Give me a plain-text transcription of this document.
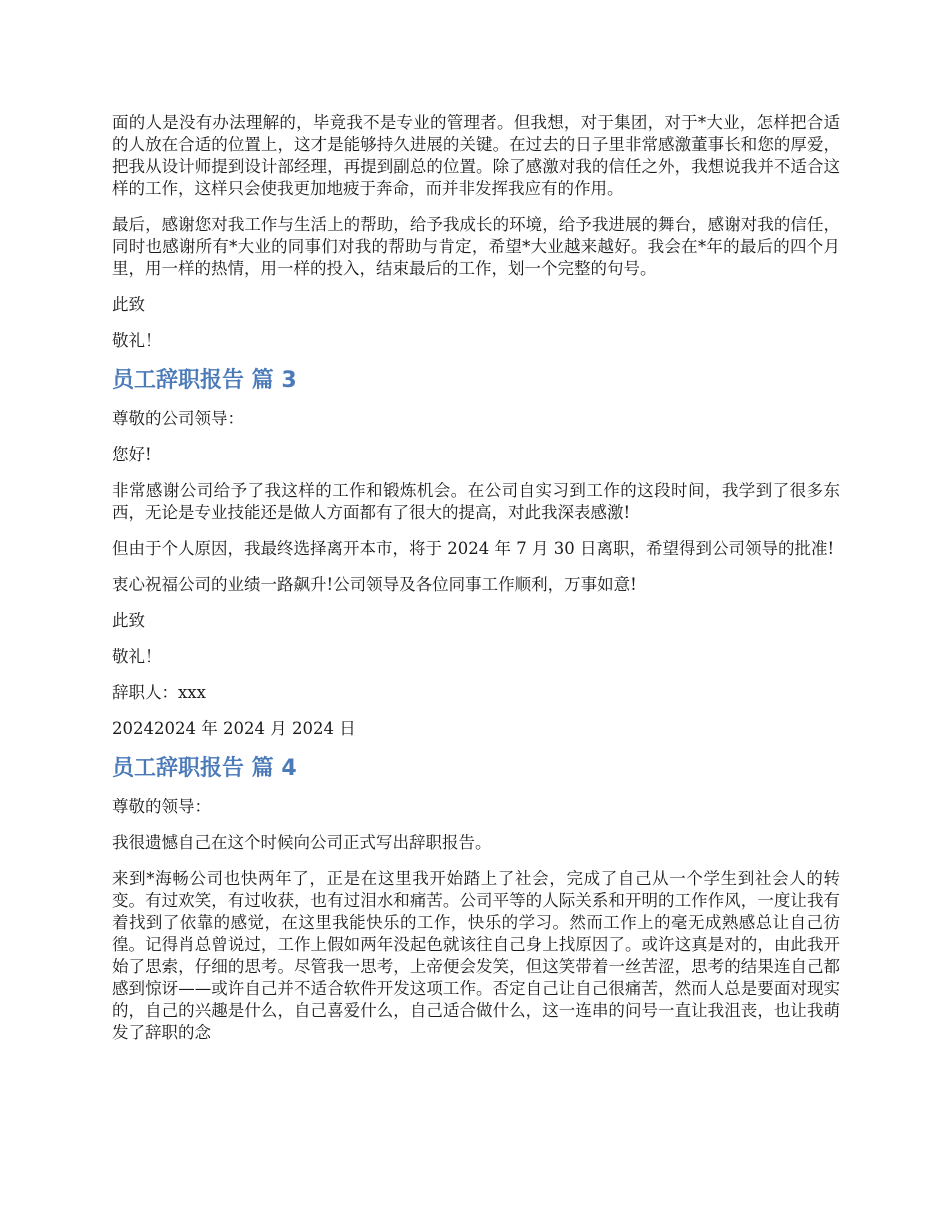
面的人是没有办法理解的，毕竟我不是专业的管理者。但我想，对于集团，对于*大业，怎样把合适的人放在合适的位置上，这才是能够持久进展的关键。在过去的日子里非常感激董事长和您的厚爱，把我从设计师提到设计部经理，再提到副总的位置。除了感激对我的信任之外，我想说我并不适合这样的工作，这样只会使我更加地疲于奔命，而并非发挥我应有的作用。

最后，感谢您对我工作与生活上的帮助，给予我成长的环境，给予我进展的舞台，感谢对我的信任，同时也感谢所有*大业的同事们对我的帮助与肯定，希望*大业越来越好。我会在*年的最后的四个月里，用一样的热情，用一样的投入，结束最后的工作，划一个完整的句号。

此致

敬礼！

员工辞职报告 篇 3

尊敬的公司领导：

您好!

非常感谢公司给予了我这样的工作和锻炼机会。在公司自实习到工作的这段时间，我学到了很多东西，无论是专业技能还是做人方面都有了很大的提高，对此我深表感激!

但由于个人原因，我最终选择离开本市，将于 2024 年 7 月 30 日离职，希望得到公司领导的批准!

衷心祝福公司的业绩一路飙升!公司领导及各位同事工作顺利，万事如意!

此致

敬礼！

辞职人：xxx

20242024 年 2024 月 2024 日

员工辞职报告 篇 4

尊敬的领导：

我很遗憾自己在这个时候向公司正式写出辞职报告。

来到*海畅公司也快两年了，正是在这里我开始踏上了社会，完成了自己从一个学生到社会人的转变。有过欢笑，有过收获，也有过泪水和痛苦。公司平等的人际关系和开明的工作作风，一度让我有着找到了依靠的感觉，在这里我能快乐的工作，快乐的学习。然而工作上的毫无成熟感总让自己彷徨。记得肖总曾说过，工作上假如两年没起色就该往自己身上找原因了。或许这真是对的，由此我开始了思索，仔细的思考。尽管我一思考，上帝便会发笑，但这笑带着一丝苦涩，思考的结果连自己都感到惊讶——或许自己并不适合软件开发这项工作。否定自己让自己很痛苦，然而人总是要面对现实的，自己的兴趣是什么，自己喜爱什么，自己适合做什么，这一连串的问号一直让我沮丧，也让我萌发了辞职的念
